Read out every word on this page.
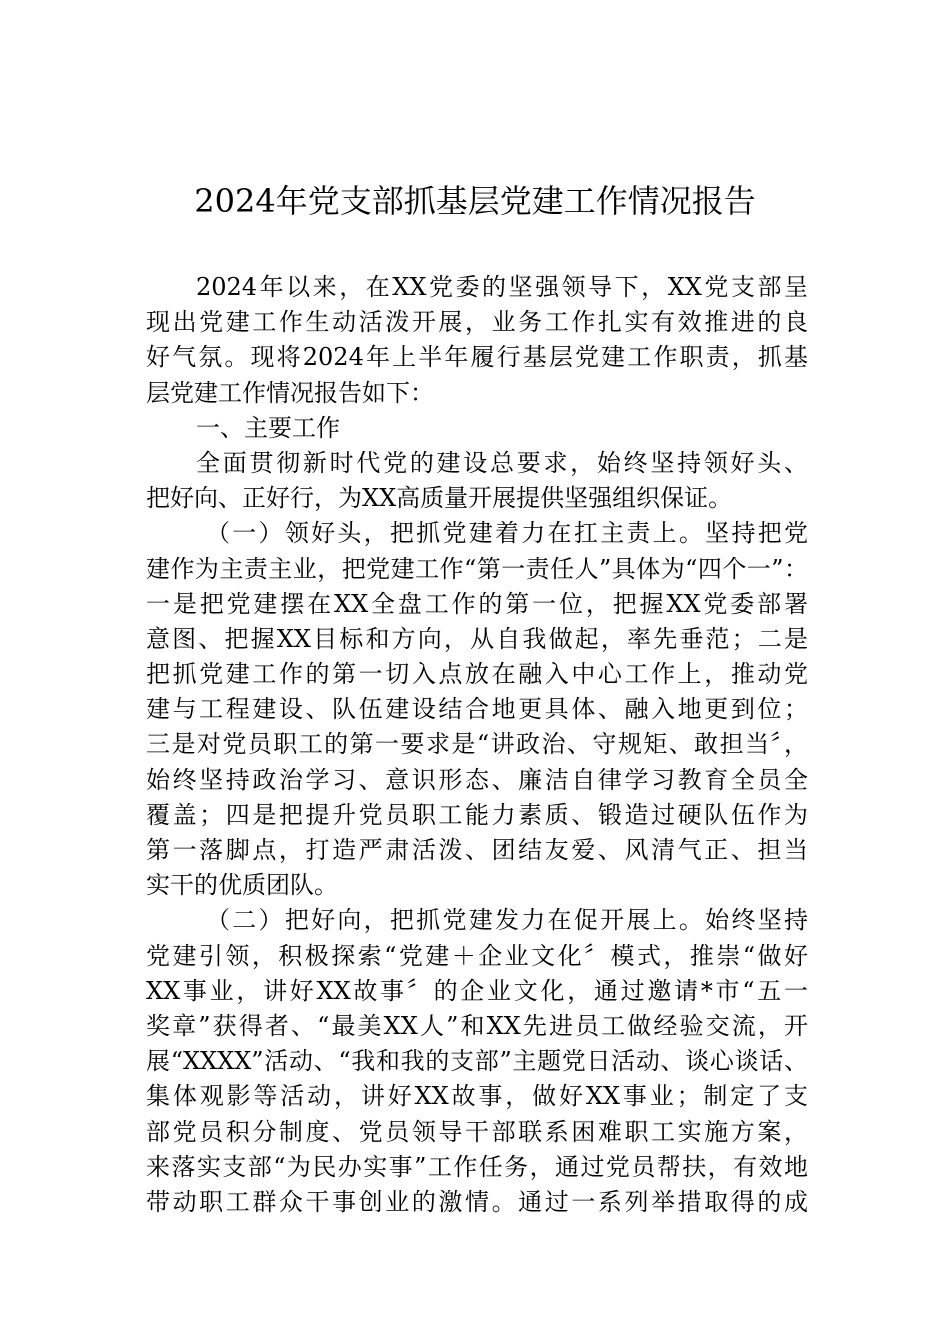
2024年党支部抓基层党建工作情况报告
2024年以来，在XX党委的坚强领导下，XX党支部呈
现出党建工作生动活泼开展，业务工作扎实有效推进的良
好气氛。现将2024年上半年履行基层党建工作职责，抓基
层党建工作情况报告如下：
一、主要工作
全面贯彻新时代党的建设总要求，始终坚持领好头、
把好向、正好行，为XX高质量开展提供坚强组织保证。
（一）领好头，把抓党建着力在扛主责上。坚持把党
建作为主责主业，把党建工作“第一责任人”具体为“四个一”：
一是把党建摆在XX全盘工作的第一位，把握XX党委部署
意图、把握XX目标和方向，从自我做起，率先垂范；二是
把抓党建工作的第一切入点放在融入中心工作上，推动党
建与工程建设、队伍建设结合地更具体、融入地更到位；
三是对党员职工的第一要求是“讲政治、守规矩、敢担当〞，
始终坚持政治学习、意识形态、廉洁自律学习教育全员全
覆盖；四是把提升党员职工能力素质、锻造过硬队伍作为
第一落脚点，打造严肃活泼、团结友爱、风清气正、担当
实干的优质团队。
（二）把好向，把抓党建发力在促开展上。始终坚持
党建引领，积极探索“党建＋企业文化〞模式，推崇“做好
XX事业，讲好XX故事〞的企业文化，通过邀请*市“五一
奖章”获得者、“最美XX人”和XX先进员工做经验交流，开
展“XXXX”活动、“我和我的支部”主题党日活动、谈心谈话、
集体观影等活动，讲好XX故事，做好XX事业；制定了支
部党员积分制度、党员领导干部联系困难职工实施方案，
来落实支部“为民办实事”工作任务，通过党员帮扶，有效地
带动职工群众干事创业的激情。通过一系列举措取得的成
